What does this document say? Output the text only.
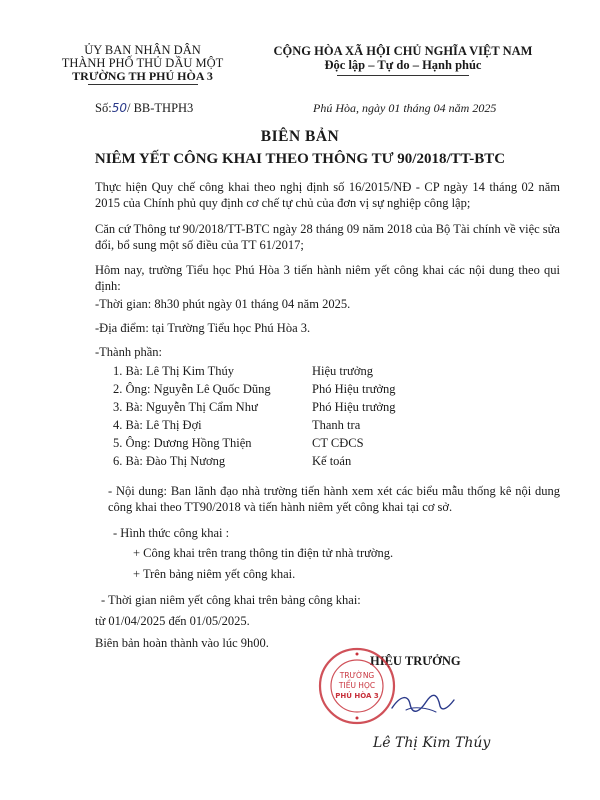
ỦY BAN NHÂN DÂN
THÀNH PHỐ THỦ DẦU MỘT
TRƯỜNG TH PHÚ HÒA 3
CỘNG HÒA XÃ HỘI CHỦ NGHĨA VIỆT NAM
Độc lập – Tự do – Hạnh phúc
Số:50/ BB-THPH3	Phú Hòa, ngày 01 tháng 04 năm 2025
BIÊN BẢN
NIÊM YẾT CÔNG KHAI THEO THÔNG TƯ 90/2018/TT-BTC
Thực hiện Quy chế công khai theo nghị định số 16/2015/NĐ - CP ngày 14 tháng 02 năm 2015 của Chính phủ quy định cơ chế tự chủ của đơn vị sự nghiệp công lập;
Căn cứ Thông tư 90/2018/TT-BTC ngày 28 tháng 09 năm 2018 của Bộ Tài chính về việc sửa đổi, bổ sung một số điều của TT 61/2017;
Hôm nay, trường Tiểu học Phú Hòa 3 tiến hành niêm yết công khai các nội dung theo qui định:
-Thời gian: 8h30 phút ngày 01 tháng 04 năm 2025.
-Địa điểm: tại Trường Tiểu học Phú Hòa 3.
-Thành phần:
1. Bà: Lê Thị Kim Thúy	Hiệu trưởng
2. Ông: Nguyễn Lê Quốc Dũng	Phó Hiệu trưởng
3. Bà: Nguyễn Thị Cẩm Như	Phó Hiệu trưởng
4. Bà: Lê Thị Đợi	Thanh tra
5. Ông: Dương Hồng Thiện	CT CĐCS
6. Bà: Đào Thị Nương	Kế toán
- Nội dung: Ban lãnh đạo nhà trường tiến hành xem xét các biểu mẫu thống kê nội dung công khai theo TT90/2018 và tiến hành niêm yết công khai tại cơ sở.
- Hình thức công khai :
+ Công khai trên trang thông tin điện tử nhà trường.
+ Trên bảng niêm yết công khai.
- Thời gian niêm yết công khai trên bảng công khai:
từ 01/04/2025 đến 01/05/2025.
Biên bản hoàn thành vào lúc 9h00.
HIỆU TRƯỞNG
TRƯỜNG
TIỂU HỌC
PHÚ HÒA 3
Lê Thị Kim Thúy
